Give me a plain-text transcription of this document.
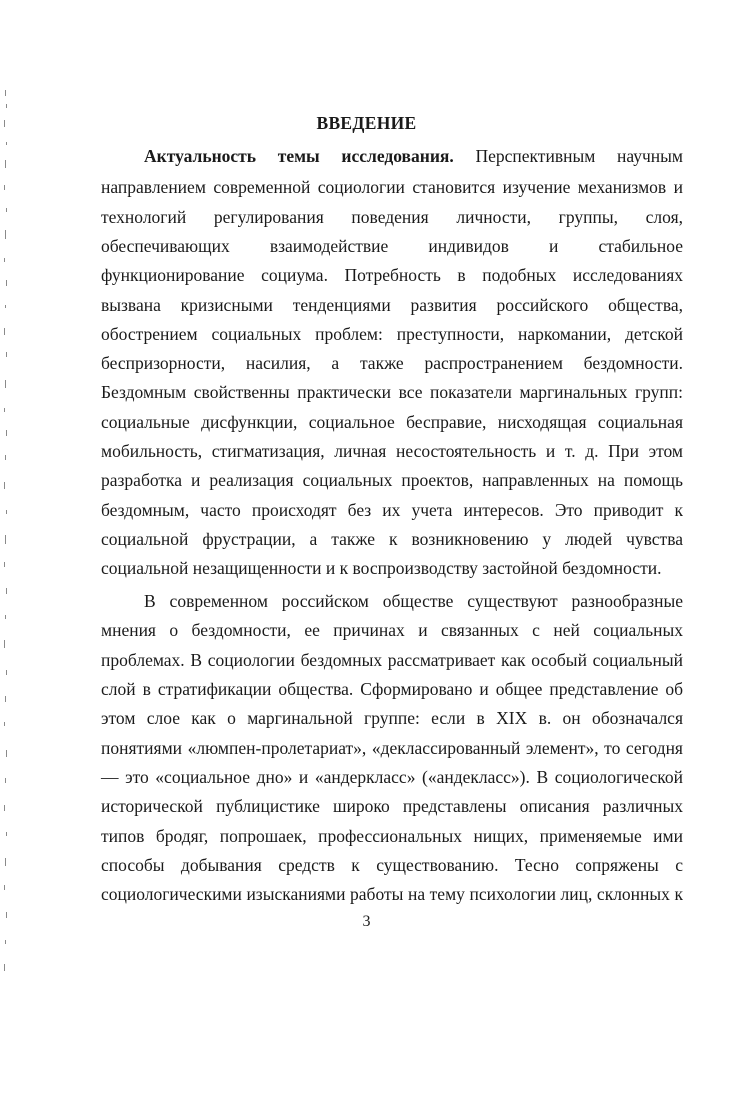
ВВЕДЕНИЕ
Актуальность темы исследования. Перспективным научным
направлением современной социологии становится изучение механизмов и
технологий регулирования поведения личности, группы, слоя,
обеспечивающих взаимодействие индивидов и стабильное
функционирование социума. Потребность в подобных исследованиях
вызвана кризисными тенденциями развития российского общества,
обострением социальных проблем: преступности, наркомании, детской
беспризорности, насилия, а также распространением бездомности.
Бездомным свойственны практически все показатели маргинальных групп:
социальные дисфункции, социальное бесправие, нисходящая социальная
мобильность, стигматизация, личная несостоятельность и т. д. При этом
разработка и реализация социальных проектов, направленных на помощь
бездомным, часто происходят без их учета интересов. Это приводит к
социальной фрустрации, а также к возникновению у людей чувства
социальной незащищенности и к воспроизводству застойной бездомности.
В современном российском обществе существуют разнообразные
мнения о бездомности, ее причинах и связанных с ней социальных
проблемах. В социологии бездомных рассматривает как особый социальный
слой в стратификации общества. Сформировано и общее представление об
этом слое как о маргинальной группе: если в XIX в. он обозначался
понятиями «люмпен-пролетариат», «деклассированный элемент», то сегодня
— это «социальное дно» и «андеркласс» («андекласс»). В социологической
исторической публицистике широко представлены описания различных
типов бродяг, попрошаек, профессиональных нищих, применяемые ими
способы добывания средств к существованию. Тесно сопряжены с
социологическими изысканиями работы на тему психологии лиц, склонных к
3
